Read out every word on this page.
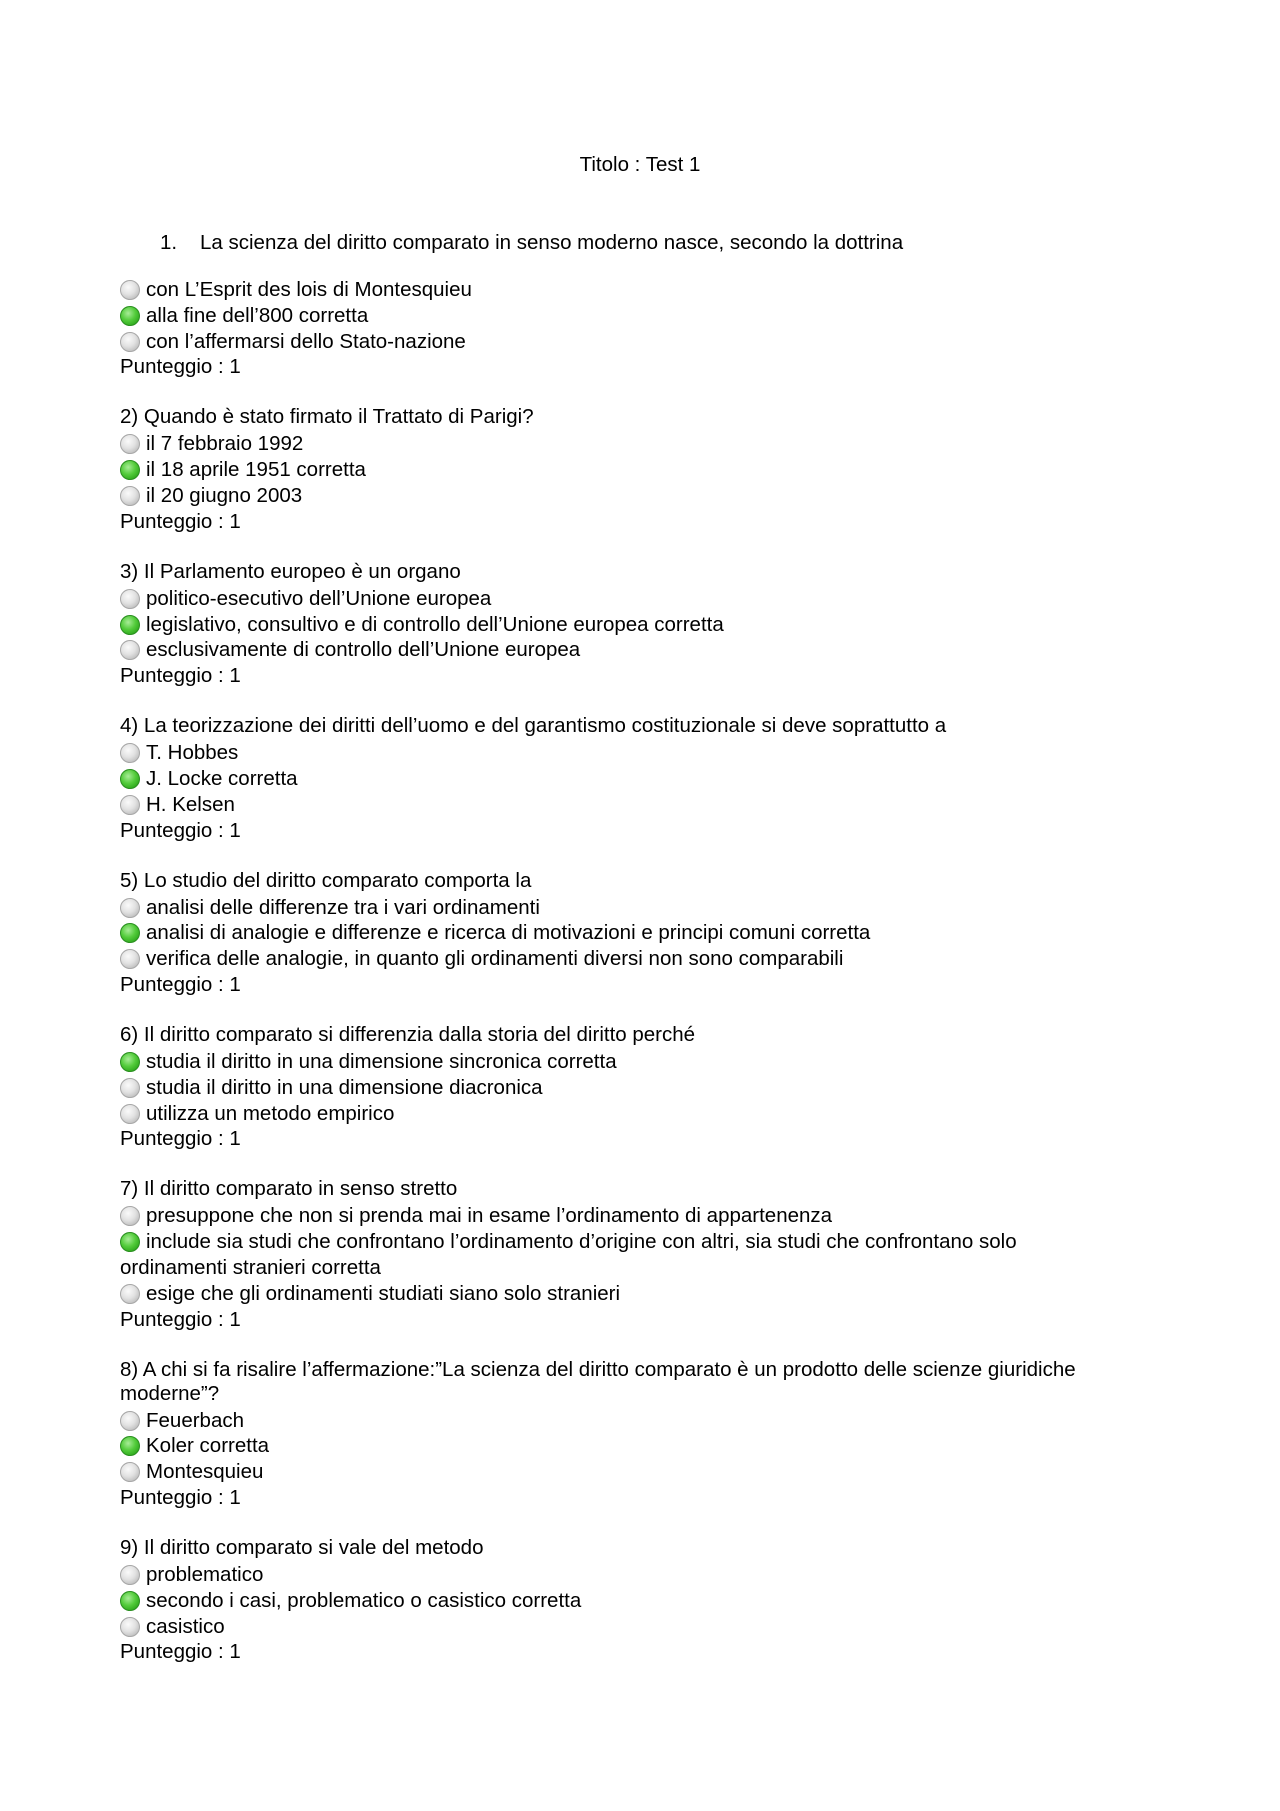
Titolo : Test 1
1. La scienza del diritto comparato in senso moderno nasce, secondo la dottrina
con L’Esprit des lois di Montesquieu
alla fine dell’800 corretta
con l’affermarsi dello Stato-nazione
Punteggio : 1
2) Quando è stato firmato il Trattato di Parigi?
il 7 febbraio 1992
il 18 aprile 1951 corretta
il 20 giugno 2003
Punteggio : 1
3) Il Parlamento europeo è un organo
politico-esecutivo dell’Unione europea
legislativo, consultivo e di controllo dell’Unione europea corretta
esclusivamente di controllo dell’Unione europea
Punteggio : 1
4) La teorizzazione dei diritti dell’uomo e del garantismo costituzionale si deve soprattutto a
T. Hobbes
J. Locke corretta
H. Kelsen
Punteggio : 1
5) Lo studio del diritto comparato comporta la
analisi delle differenze tra i vari ordinamenti
analisi di analogie e differenze e ricerca di motivazioni e principi comuni corretta
verifica delle analogie, in quanto gli ordinamenti diversi non sono comparabili
Punteggio : 1
6) Il diritto comparato si differenzia dalla storia del diritto perché
studia il diritto in una dimensione sincronica corretta
studia il diritto in una dimensione diacronica
utilizza un metodo empirico
Punteggio : 1
7) Il diritto comparato in senso stretto
presuppone che non si prenda mai in esame l’ordinamento di appartenenza
include sia studi che confrontano l’ordinamento d’origine con altri, sia studi che confrontano solo
ordinamenti stranieri corretta
esige che gli ordinamenti studiati siano solo stranieri
Punteggio : 1
8) A chi si fa risalire l’affermazione:”La scienza del diritto comparato è un prodotto delle scienze giuridiche
moderne”?
Feuerbach
Koler corretta
Montesquieu
Punteggio : 1
9) Il diritto comparato si vale del metodo
problematico
secondo i casi, problematico o casistico corretta
casistico
Punteggio : 1
